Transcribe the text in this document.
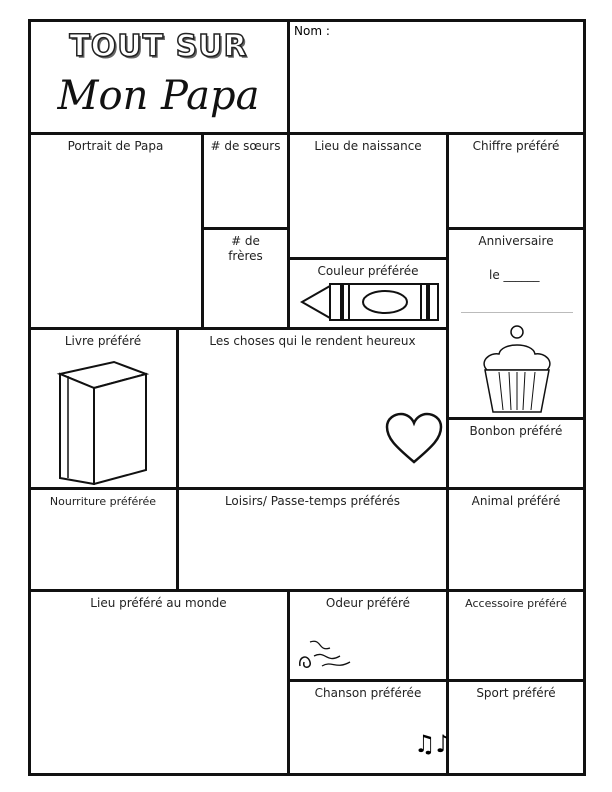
TOUT SUR
Mon Papa
Nom :
Portrait de Papa	# de sœurs
# de frères
Lieu de naissance
Couleur préférée
Chiffre préféré
Anniversaire
le ______
Livre préféré	Les choses qui le rendent heureux
Bonbon préféré
Nourriture préférée	Loisirs/ Passe-temps préférés	Animal préféré
Lieu préféré au monde	Odeur préféré
Chanson préférée
♫♪
Accessoire préféré
Sport préféré
